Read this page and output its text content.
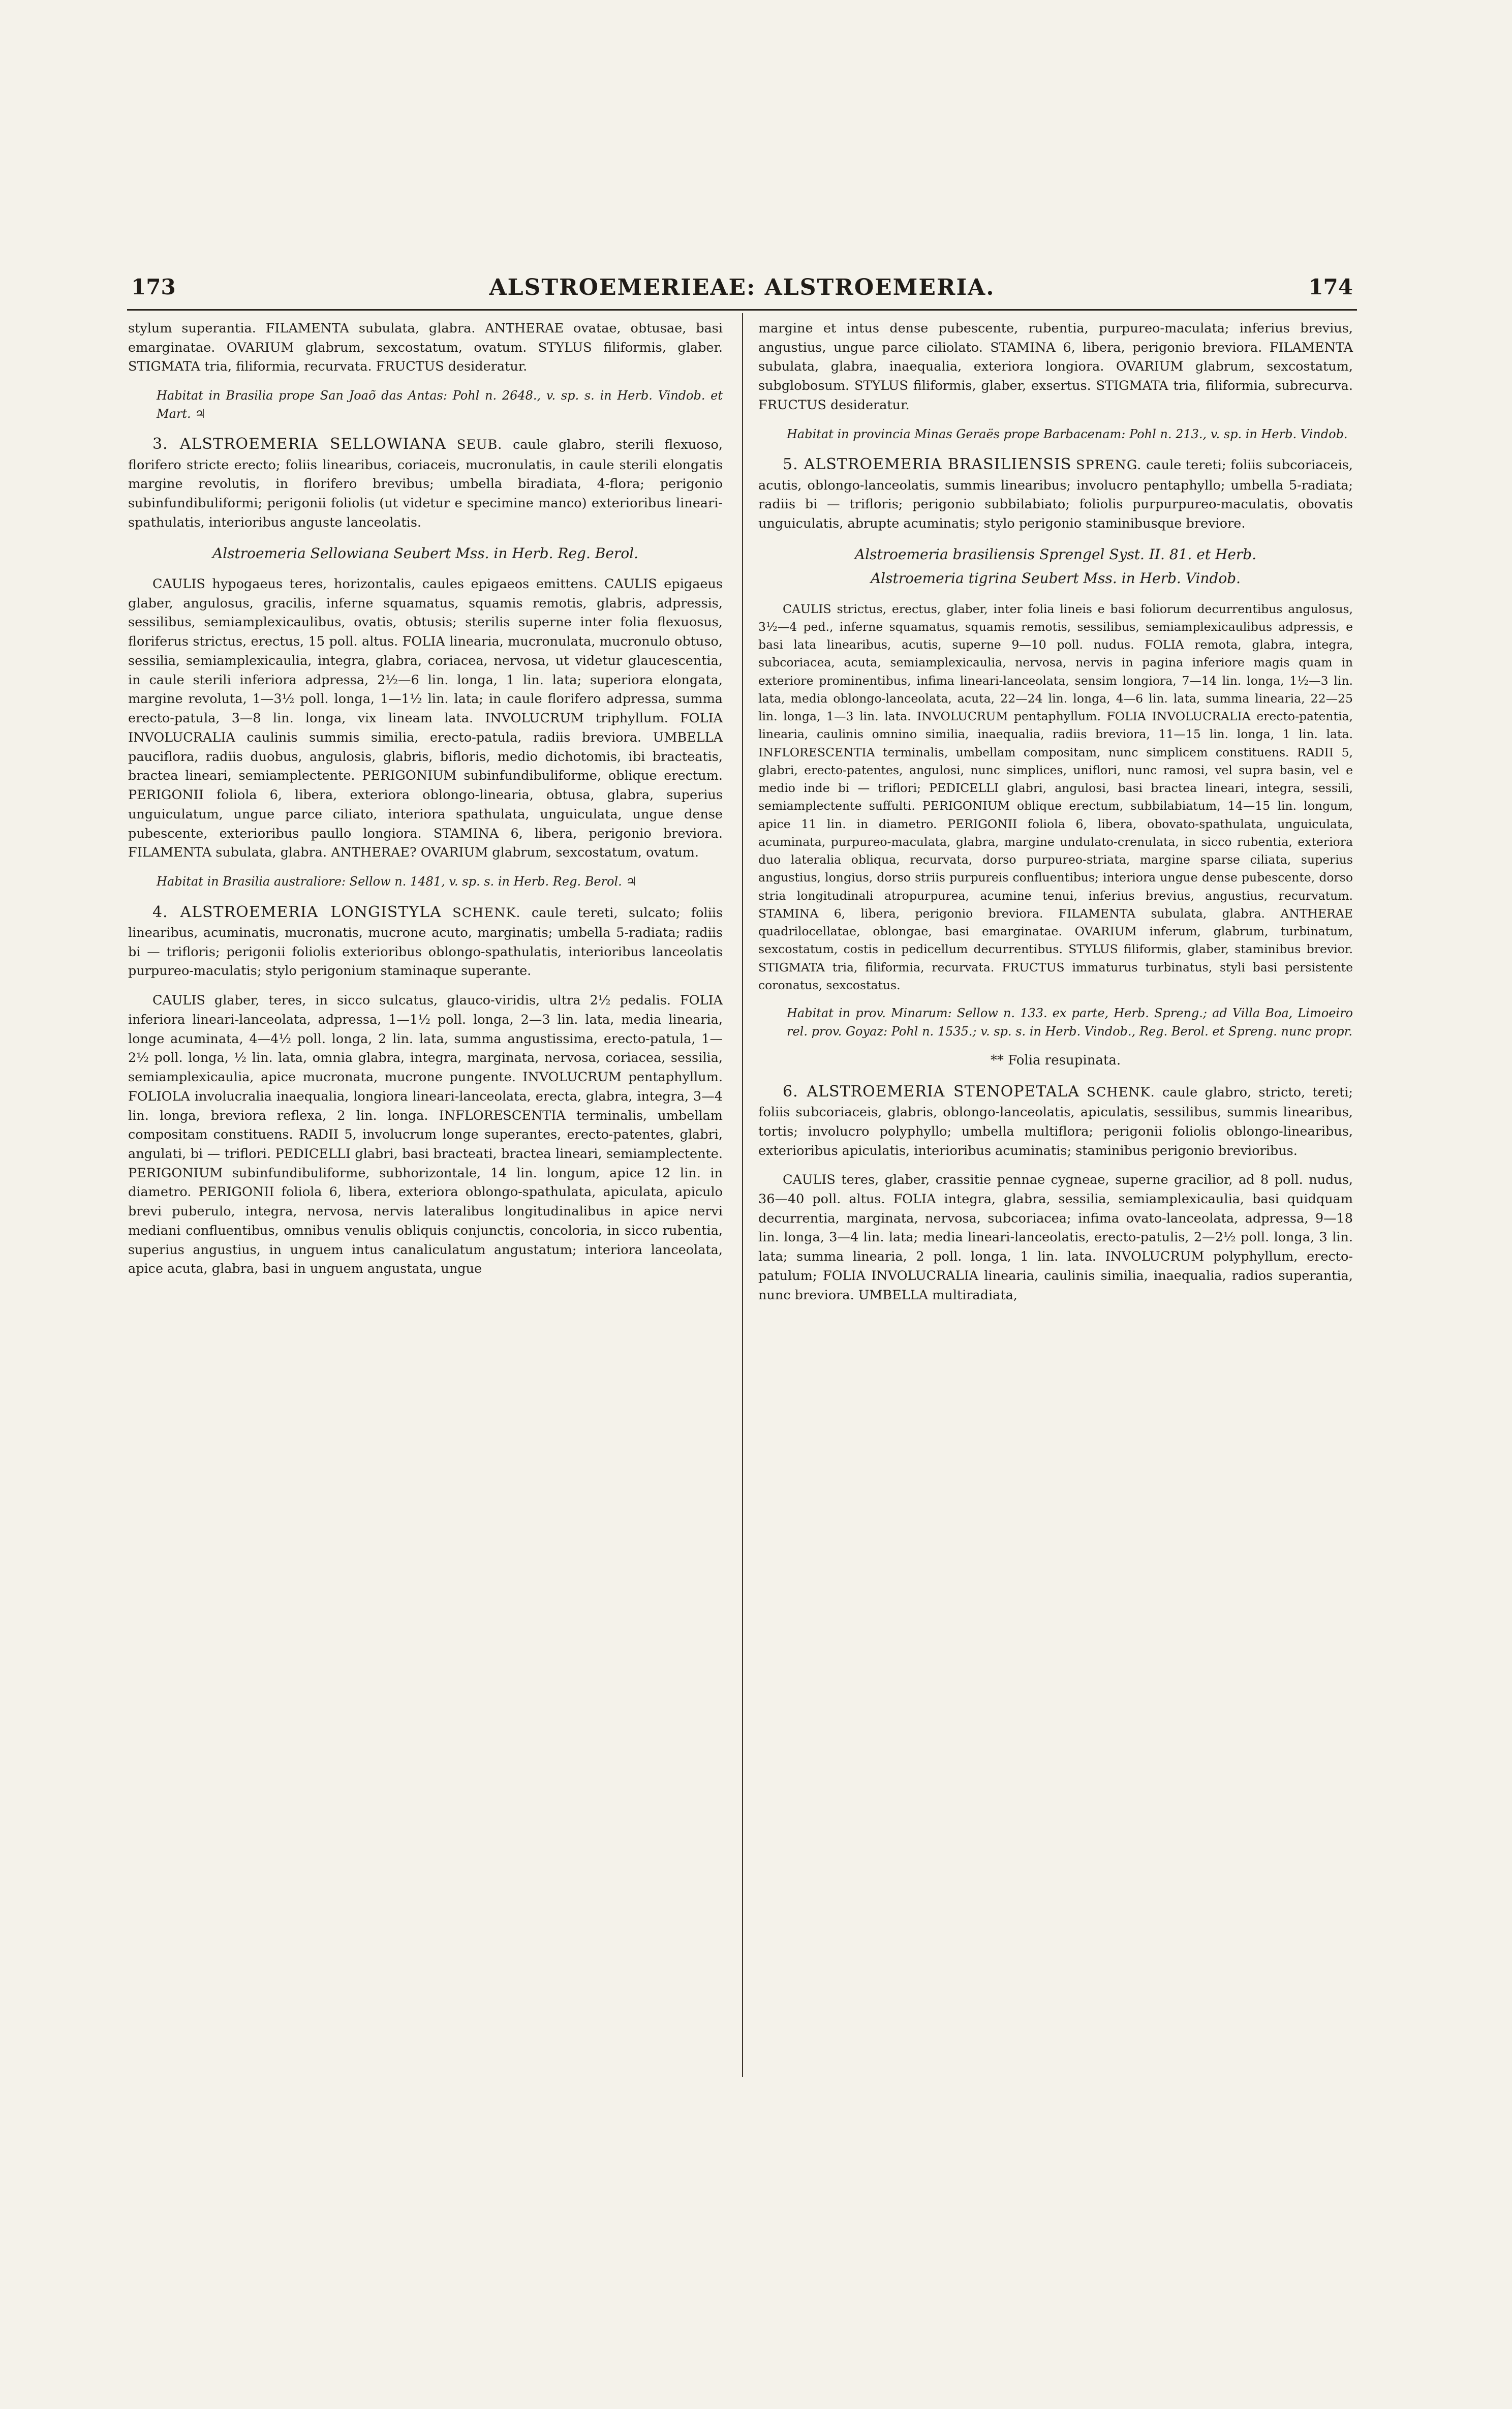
173	ALSTROEMERIEAE: ALSTROEMERIA.	174

stylum superantia. FILAMENTA subulata, glabra. ANTHERAE ovatae, obtusae, basi emarginatae. OVARIUM glabrum, sexcostatum, ovatum. STYLUS filiformis, glaber. STIGMATA tria, filiformia, recurvata. FRUCTUS desideratur.

Habitat in Brasilia prope San Joaõ das Antas: Pohl n. 2648., v. sp. s. in Herb. Vindob. et Mart. ♃

3. ALSTROEMERIA SELLOWIANA SEUB. caule glabro, sterili flexuoso, florifero stricte erecto; foliis linearibus, coriaceis, mucronulatis, in caule sterili elongatis margine revolutis, in florifero brevibus; umbella biradiata, 4-flora; perigonio subinfundibuliformi; perigonii foliolis (ut videtur e specimine manco) exterioribus lineari-spathulatis, interioribus anguste lanceolatis.

Alstroemeria Sellowiana Seubert Mss. in Herb. Reg. Berol.

CAULIS hypogaeus teres, horizontalis, caules epigaeos emittens. CAULIS epigaeus glaber, angulosus, gracilis, inferne squamatus, squamis remotis, glabris, adpressis, sessilibus, semiamplexicaulibus, ovatis, obtusis; sterilis superne inter folia flexuosus, floriferus strictus, erectus, 15 poll. altus. FOLIA linearia, mucronulata, mucronulo obtuso, sessilia, semiamplexicaulia, integra, glabra, coriacea, nervosa, ut videtur glaucescentia, in caule sterili inferiora adpressa, 2½—6 lin. longa, 1 lin. lata; superiora elongata, margine revoluta, 1—3½ poll. longa, 1—1½ lin. lata; in caule florifero adpressa, summa erecto-patula, 3—8 lin. longa, vix lineam lata. INVOLUCRUM triphyllum. FOLIA INVOLUCRALIA caulinis summis similia, erecto-patula, radiis breviora. UMBELLA pauciflora, radiis duobus, angulosis, glabris, bifloris, medio dichotomis, ibi bracteatis, bractea lineari, semiamplectente. PERIGONIUM subinfundibuliforme, oblique erectum. PERIGONII foliola 6, libera, exteriora oblongo-linearia, obtusa, glabra, superius unguiculatum, ungue parce ciliato, interiora spathulata, unguiculata, ungue dense pubescente, exterioribus paullo longiora. STAMINA 6, libera, perigonio breviora. FILAMENTA subulata, glabra. ANTHERAE? OVARIUM glabrum, sexcostatum, ovatum.

Habitat in Brasilia australiore: Sellow n. 1481, v. sp. s. in Herb. Reg. Berol. ♃

4. ALSTROEMERIA LONGISTYLA SCHENK. caule tereti, sulcato; foliis linearibus, acuminatis, mucronatis, mucrone acuto, marginatis; umbella 5-radiata; radiis bi — trifloris; perigonii foliolis exterioribus oblongo-spathulatis, interioribus lanceolatis purpureo-maculatis; stylo perigonium staminaque superante.

CAULIS glaber, teres, in sicco sulcatus, glauco-viridis, ultra 2½ pedalis. FOLIA inferiora lineari-lanceolata, adpressa, 1—1½ poll. longa, 2—3 lin. lata, media linearia, longe acuminata, 4—4½ poll. longa, 2 lin. lata, summa angustissima, erecto-patula, 1—2½ poll. longa, ½ lin. lata, omnia glabra, integra, marginata, nervosa, coriacea, sessilia, semiamplexicaulia, apice mucronata, mucrone pungente. INVOLUCRUM pentaphyllum. FOLIOLA involucralia inaequalia, longiora lineari-lanceolata, erecta, glabra, integra, 3—4 lin. longa, breviora reflexa, 2 lin. longa. INFLORESCENTIA terminalis, umbellam compositam constituens. RADII 5, involucrum longe superantes, erecto-patentes, glabri, angulati, bi — triflori. PEDICELLI glabri, basi bracteati, bractea lineari, semiamplectente. PERIGONIUM subinfundibuliforme, subhorizontale, 14 lin. longum, apice 12 lin. in diametro. PERIGONII foliola 6, libera, exteriora oblongo-spathulata, apiculata, apiculo brevi puberulo, integra, nervosa, nervis lateralibus longitudinalibus in apice nervi mediani confluentibus, omnibus venulis obliquis conjunctis, concoloria, in sicco rubentia, superius angustius, in unguem intus canaliculatum angustatum; interiora lanceolata, apice acuta, glabra, basi in unguem angustata, ungue

margine et intus dense pubescente, rubentia, purpureo-maculata; inferius brevius, angustius, ungue parce ciliolato. STAMINA 6, libera, perigonio breviora. FILAMENTA subulata, glabra, inaequalia, exteriora longiora. OVARIUM glabrum, sexcostatum, subglobosum. STYLUS filiformis, glaber, exsertus. STIGMATA tria, filiformia, subrecurva. FRUCTUS desideratur.

Habitat in provincia Minas Geraës prope Barbacenam: Pohl n. 213., v. sp. in Herb. Vindob.

5. ALSTROEMERIA BRASILIENSIS SPRENG. caule tereti; foliis subcoriaceis, acutis, oblongo-lanceolatis, summis linearibus; involucro pentaphyllo; umbella 5-radiata; radiis bi — trifloris; perigonio subbilabiato; foliolis purpurpureo-maculatis, obovatis unguiculatis, abrupte acuminatis; stylo perigonio staminibusque breviore.

Alstroemeria brasiliensis Sprengel Syst. II. 81. et Herb.
Alstroemeria tigrina Seubert Mss. in Herb. Vindob.

CAULIS strictus, erectus, glaber, inter folia lineis e basi foliorum decurrentibus angulosus, 3½—4 ped., inferne squamatus, squamis remotis, sessilibus, semiamplexicaulibus adpressis, e basi lata linearibus, acutis, superne 9—10 poll. nudus. FOLIA remota, glabra, integra, subcoriacea, acuta, semiamplexicaulia, nervosa, nervis in pagina inferiore magis quam in exteriore prominentibus, infima lineari-lanceolata, sensim longiora, 7—14 lin. longa, 1½—3 lin. lata, media oblongo-lanceolata, acuta, 22—24 lin. longa, 4—6 lin. lata, summa linearia, 22—25 lin. longa, 1—3 lin. lata. INVOLUCRUM pentaphyllum. FOLIA INVOLUCRALIA erecto-patentia, linearia, caulinis omnino similia, inaequalia, radiis breviora, 11—15 lin. longa, 1 lin. lata. INFLORESCENTIA terminalis, umbellam compositam, nunc simplicem constituens. RADII 5, glabri, erecto-patentes, angulosi, nunc simplices, uniflori, nunc ramosi, vel supra basin, vel e medio inde bi — triflori; PEDICELLI glabri, angulosi, basi bractea lineari, integra, sessili, semiamplectente suffulti. PERIGONIUM oblique erectum, subbilabiatum, 14—15 lin. longum, apice 11 lin. in diametro. PERIGONII foliola 6, libera, obovato-spathulata, unguiculata, acuminata, purpureo-maculata, glabra, margine undulato-crenulata, in sicco rubentia, exteriora duo lateralia obliqua, recurvata, dorso purpureo-striata, margine sparse ciliata, superius angustius, longius, dorso striis purpureis confluentibus; interiora ungue dense pubescente, dorso stria longitudinali atropurpurea, acumine tenui, inferius brevius, angustius, recurvatum. STAMINA 6, libera, perigonio breviora. FILAMENTA subulata, glabra. ANTHERAE quadrilocellatae, oblongae, basi emarginatae. OVARIUM inferum, glabrum, turbinatum, sexcostatum, costis in pedicellum decurrentibus. STYLUS filiformis, glaber, staminibus brevior. STIGMATA tria, filiformia, recurvata. FRUCTUS immaturus turbinatus, styli basi persistente coronatus, sexcostatus.

Habitat in prov. Minarum: Sellow n. 133. ex parte, Herb. Spreng.; ad Villa Boa, Limoeiro rel. prov. Goyaz: Pohl n. 1535.; v. sp. s. in Herb. Vindob., Reg. Berol. et Spreng. nunc propr.

** Folia resupinata.

6. ALSTROEMERIA STENOPETALA SCHENK. caule glabro, stricto, tereti; foliis subcoriaceis, glabris, oblongo-lanceolatis, apiculatis, sessilibus, summis linearibus, tortis; involucro polyphyllo; umbella multiflora; perigonii foliolis oblongo-linearibus, exterioribus apiculatis, interioribus acuminatis; staminibus perigonio brevioribus.

CAULIS teres, glaber, crassitie pennae cygneae, superne gracilior, ad 8 poll. nudus, 36—40 poll. altus. FOLIA integra, glabra, sessilia, semiamplexicaulia, basi quidquam decurrentia, marginata, nervosa, subcoriacea; infima ovato-lanceolata, adpressa, 9—18 lin. longa, 3—4 lin. lata; media lineari-lanceolatis, erecto-patulis, 2—2½ poll. longa, 3 lin. lata; summa linearia, 2 poll. longa, 1 lin. lata. INVOLUCRUM polyphyllum, erecto-patulum; FOLIA INVOLUCRALIA linearia, caulinis similia, inaequalia, radios superantia, nunc breviora. UMBELLA multiradiata,
